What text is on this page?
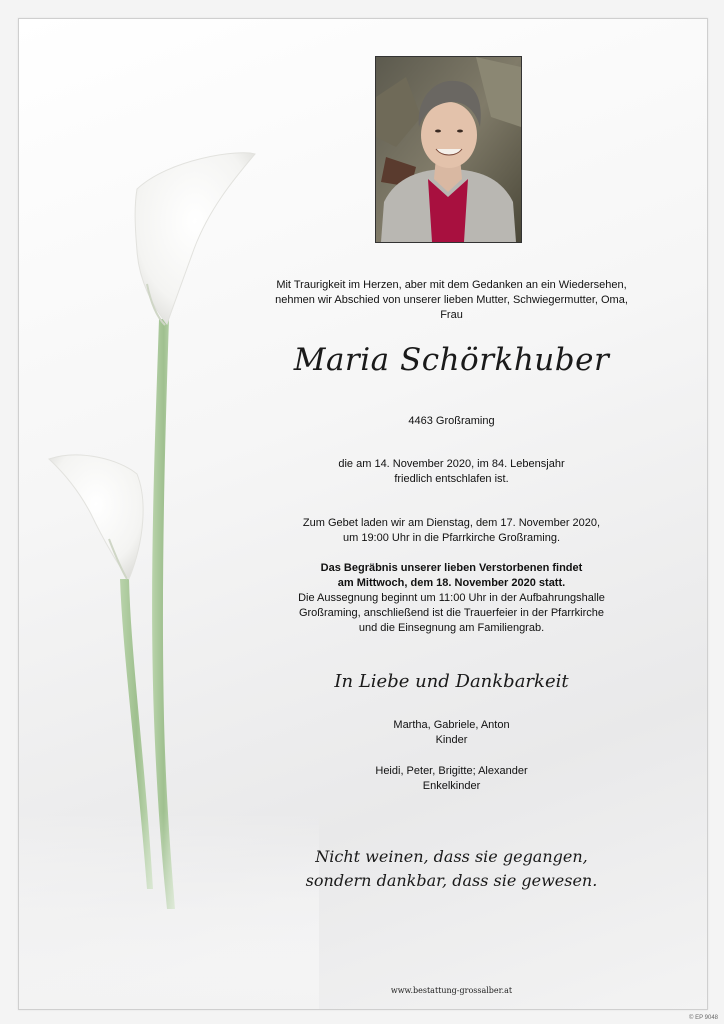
Mit Traurigkeit im Herzen, aber mit dem Gedanken an ein Wiedersehen,
nehmen wir Abschied von unserer lieben Mutter, Schwiegermutter, Oma,
Frau
Maria Schörkhuber
4463 Großraming
die am 14. November 2020, im 84. Lebensjahr
friedlich entschlafen ist.
Zum Gebet laden wir am Dienstag, dem 17. November 2020,
um 19:00 Uhr in die Pfarrkirche Großraming.
Das Begräbnis unserer lieben Verstorbenen findet
am Mittwoch, dem 18. November 2020 statt.
Die Aussegnung beginnt um 11:00 Uhr in der Aufbahrungshalle
Großraming, anschließend ist die Trauerfeier in der Pfarrkirche
und die Einsegnung am Familiengrab.
In Liebe und Dankbarkeit
Martha, Gabriele, Anton
Kinder
Heidi, Peter, Brigitte; Alexander
Enkelkinder
Nicht weinen, dass sie gegangen,
sondern dankbar, dass sie gewesen.
www.bestattung-grossalber.at
© EP 9048
